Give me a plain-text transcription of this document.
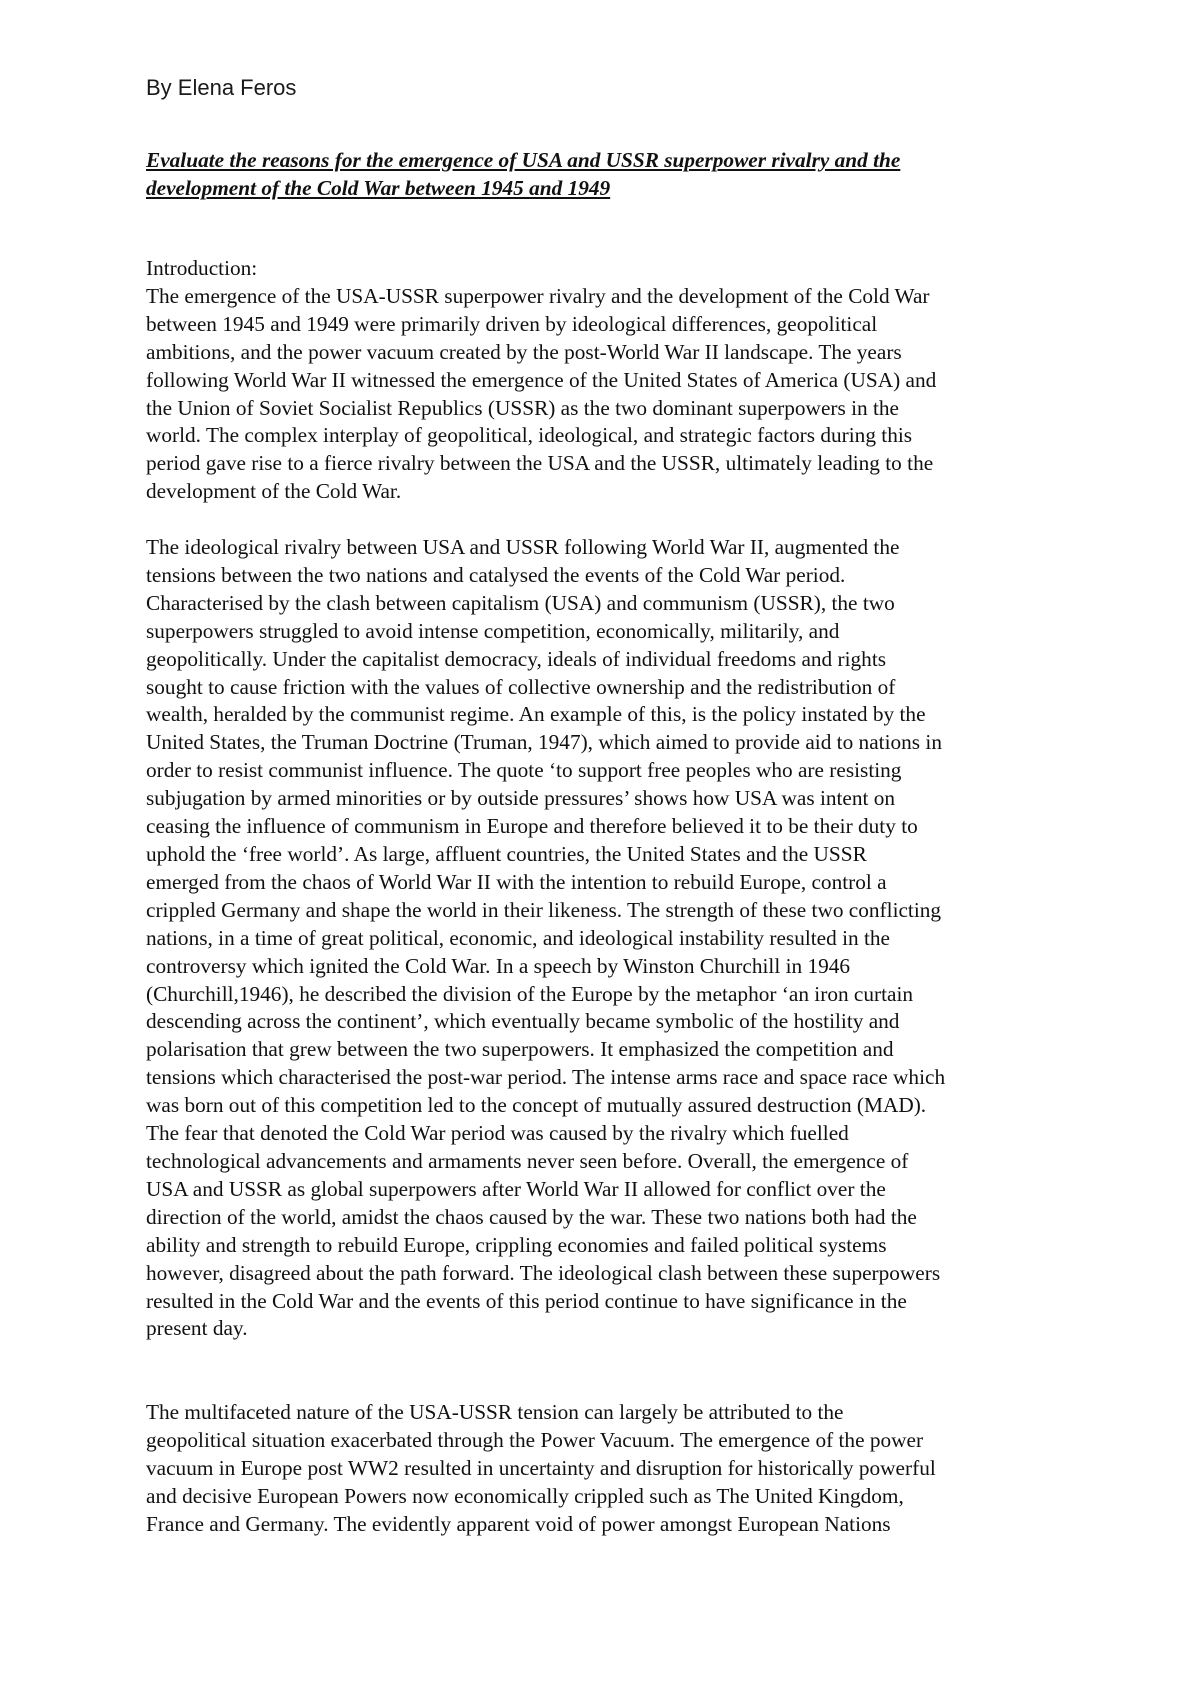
By Elena Feros
Evaluate the reasons for the emergence of USA and USSR superpower rivalry and the
development of the Cold War between 1945 and 1949
Introduction:
The emergence of the USA-USSR superpower rivalry and the development of the Cold War
between 1945 and 1949 were primarily driven by ideological differences, geopolitical
ambitions, and the power vacuum created by the post-World War II landscape. The years
following World War II witnessed the emergence of the United States of America (USA) and
the Union of Soviet Socialist Republics (USSR) as the two dominant superpowers in the
world. The complex interplay of geopolitical, ideological, and strategic factors during this
period gave rise to a fierce rivalry between the USA and the USSR, ultimately leading to the
development of the Cold War.
The ideological rivalry between USA and USSR following World War II, augmented the
tensions between the two nations and catalysed the events of the Cold War period.
Characterised by the clash between capitalism (USA) and communism (USSR), the two
superpowers struggled to avoid intense competition, economically, militarily, and
geopolitically. Under the capitalist democracy, ideals of individual freedoms and rights
sought to cause friction with the values of collective ownership and the redistribution of
wealth, heralded by the communist regime. An example of this, is the policy instated by the
United States, the Truman Doctrine (Truman, 1947), which aimed to provide aid to nations in
order to resist communist influence. The quote ‘to support free peoples who are resisting
subjugation by armed minorities or by outside pressures’ shows how USA was intent on
ceasing the influence of communism in Europe and therefore believed it to be their duty to
uphold the ‘free world’. As large, affluent countries, the United States and the USSR
emerged from the chaos of World War II with the intention to rebuild Europe, control a
crippled Germany and shape the world in their likeness. The strength of these two conflicting
nations, in a time of great political, economic, and ideological instability resulted in the
controversy which ignited the Cold War. In a speech by Winston Churchill in 1946
(Churchill,1946), he described the division of the Europe by the metaphor ‘an iron curtain
descending across the continent’, which eventually became symbolic of the hostility and
polarisation that grew between the two superpowers. It emphasized the competition and
tensions which characterised the post-war period. The intense arms race and space race which
was born out of this competition led to the concept of mutually assured destruction (MAD).
The fear that denoted the Cold War period was caused by the rivalry which fuelled
technological advancements and armaments never seen before. Overall, the emergence of
USA and USSR as global superpowers after World War II allowed for conflict over the
direction of the world, amidst the chaos caused by the war. These two nations both had the
ability and strength to rebuild Europe, crippling economies and failed political systems
however, disagreed about the path forward. The ideological clash between these superpowers
resulted in the Cold War and the events of this period continue to have significance in the
present day.
The multifaceted nature of the USA-USSR tension can largely be attributed to the
geopolitical situation exacerbated through the Power Vacuum. The emergence of the power
vacuum in Europe post WW2 resulted in uncertainty and disruption for historically powerful
and decisive European Powers now economically crippled such as The United Kingdom,
France and Germany. The evidently apparent void of power amongst European Nations
